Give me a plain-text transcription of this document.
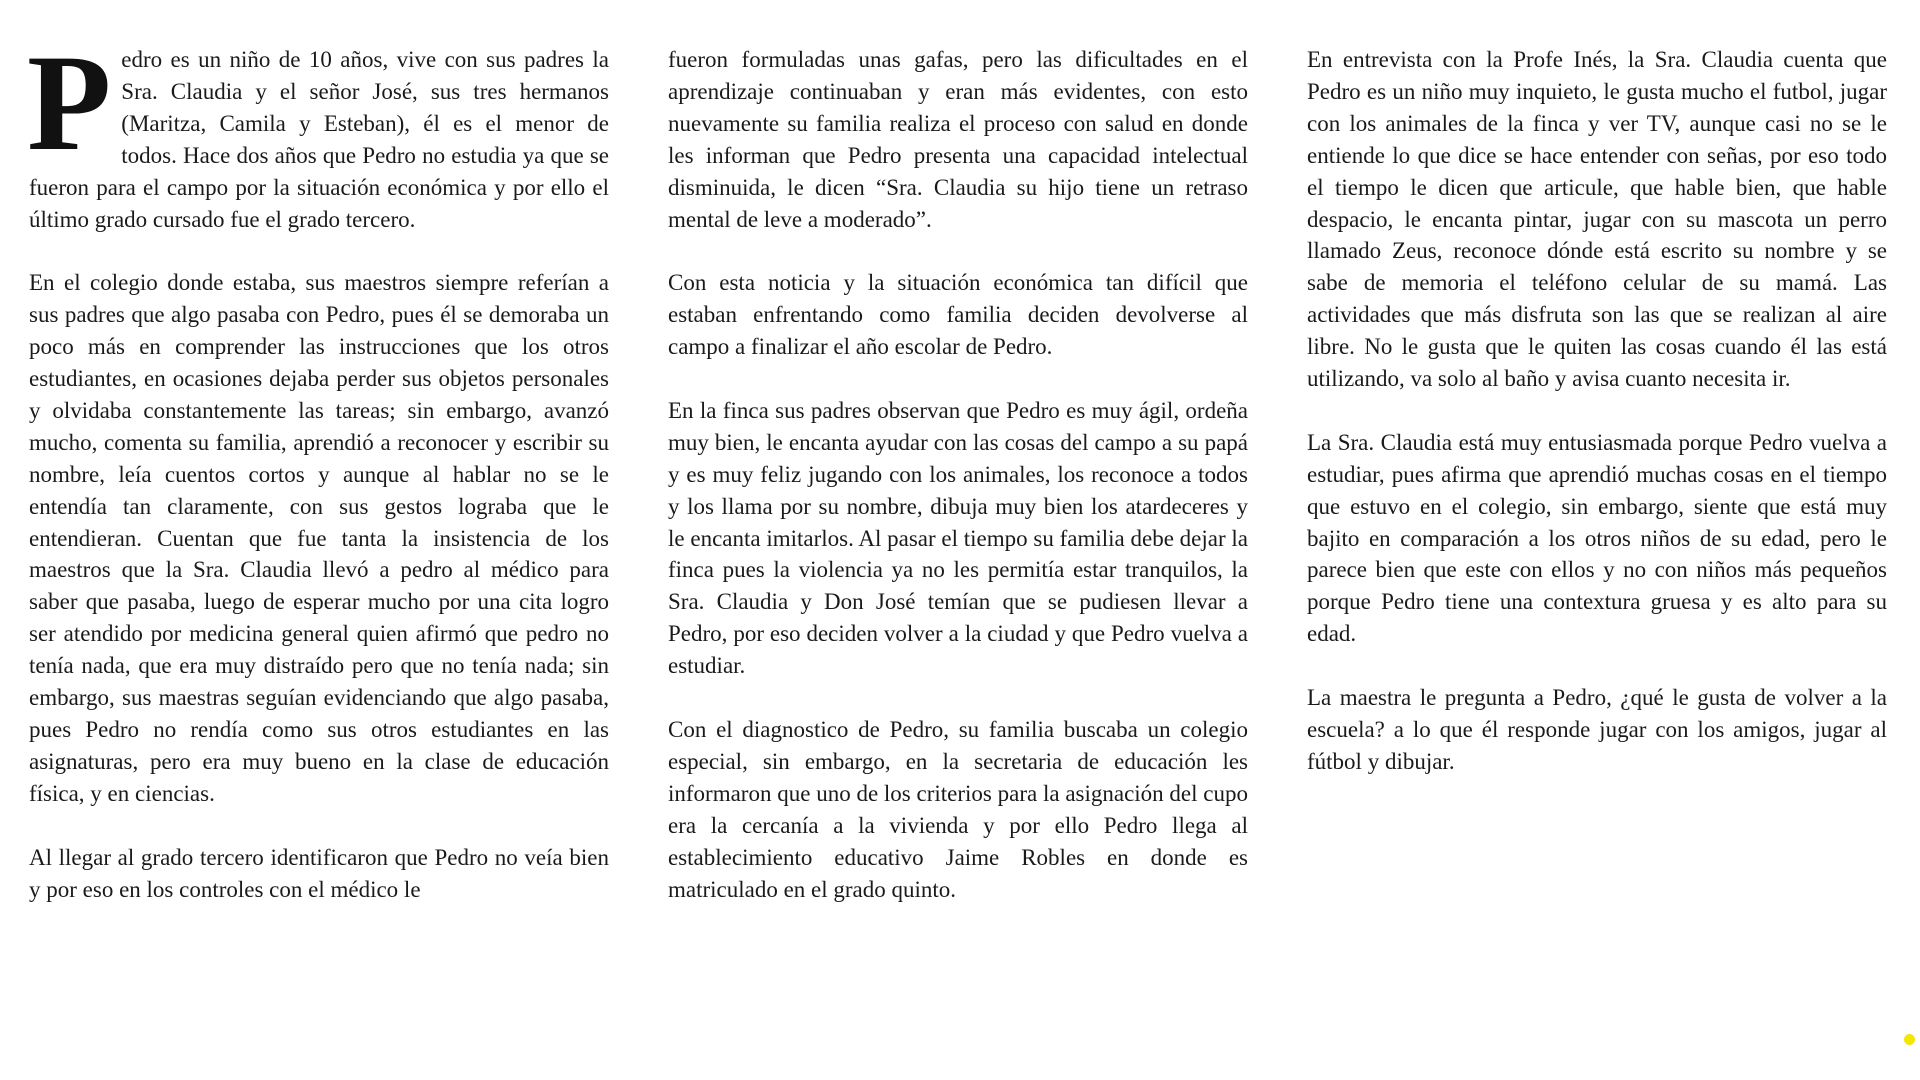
Pedro es un niño de 10 años, vive con sus padres la Sra. Claudia y el señor José, sus tres hermanos (Maritza, Camila y Esteban), él es el menor de todos. Hace dos años que Pedro no estudia ya que se fueron para el campo por la situación económica y por ello el último grado cursado fue el grado tercero.

En el colegio donde estaba, sus maestros siempre referían a sus padres que algo pasaba con Pedro, pues él se demoraba un poco más en comprender las instrucciones que los otros estudiantes, en ocasiones dejaba perder sus objetos personales y olvidaba constantemente las tareas; sin embargo, avanzó mucho, comenta su familia, aprendió a reconocer y escribir su nombre, leía cuentos cortos y aunque al hablar no se le entendía tan claramente, con sus gestos lograba que le entendieran. Cuentan que fue tanta la insistencia de los maestros que la Sra. Claudia llevó a pedro al médico para saber que pasaba, luego de esperar mucho por una cita logro ser atendido por medicina general quien afirmó que pedro no tenía nada, que era muy distraído pero que no tenía nada; sin embargo, sus maestras seguían evidenciando que algo pasaba, pues Pedro no rendía como sus otros estudiantes en las asignaturas, pero era muy bueno en la clase de educación física, y en ciencias.

Al llegar al grado tercero identificaron que Pedro no veía bien y por eso en los controles con el médico le

fueron formuladas unas gafas, pero las dificultades en el aprendizaje continuaban y eran más evidentes, con esto nuevamente su familia realiza el proceso con salud en donde les informan que Pedro presenta una capacidad intelectual disminuida, le dicen “Sra. Claudia su hijo tiene un retraso mental de leve a moderado”.

Con esta noticia y la situación económica tan difícil que estaban enfrentando como familia deciden devolverse al campo a finalizar el año escolar de Pedro.

En la finca sus padres observan que Pedro es muy ágil, ordeña muy bien, le encanta ayudar con las cosas del campo a su papá y es muy feliz jugando con los animales, los reconoce a todos y los llama por su nombre, dibuja muy bien los atardeceres y le encanta imitarlos. Al pasar el tiempo su familia debe dejar la finca pues la violencia ya no les permitía estar tranquilos, la Sra. Claudia y Don José temían que se pudiesen llevar a Pedro, por eso deciden volver a la ciudad y que Pedro vuelva a estudiar.

Con el diagnostico de Pedro, su familia buscaba un colegio especial, sin embargo, en la secretaria de educación les informaron que uno de los criterios para la asignación del cupo era la cercanía a la vivienda y por ello Pedro llega al establecimiento educativo Jaime Robles en donde es matriculado en el grado quinto.

En entrevista con la Profe Inés, la Sra. Claudia cuenta que Pedro es un niño muy inquieto, le gusta mucho el futbol, jugar con los animales de la finca y ver TV, aunque casi no se le entiende lo que dice se hace entender con señas, por eso todo el tiempo le dicen que articule, que hable bien, que hable despacio, le encanta pintar, jugar con su mascota un perro llamado Zeus, reconoce dónde está escrito su nombre y se sabe de memoria el teléfono celular de su mamá. Las actividades que más disfruta son las que se realizan al aire libre. No le gusta que le quiten las cosas cuando él las está utilizando, va solo al baño y avisa cuanto necesita ir.

La Sra. Claudia está muy entusiasmada porque Pedro vuelva a estudiar, pues afirma que aprendió muchas cosas en el tiempo que estuvo en el colegio, sin embargo, siente que está muy bajito en comparación a los otros niños de su edad, pero le parece bien que este con ellos y no con niños más pequeños porque Pedro tiene una contextura gruesa y es alto para su edad.

La maestra le pregunta a Pedro, ¿qué le gusta de volver a la escuela? a lo que él responde jugar con los amigos, jugar al fútbol y dibujar.
